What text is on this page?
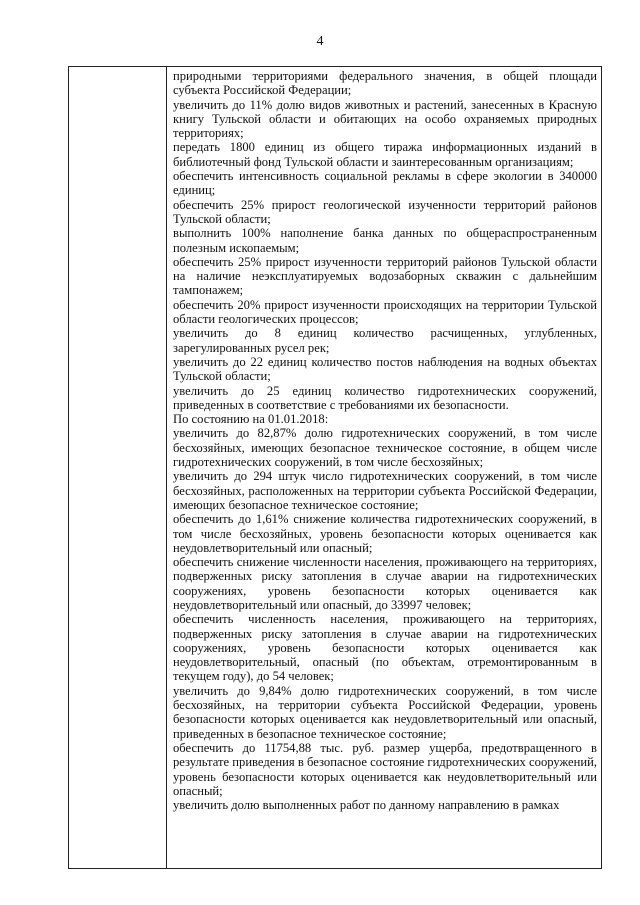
4

природными территориями федерального значения, в общей площади субъекта Российской Федерации;

увеличить до 11% долю видов животных и растений, занесенных в Красную книгу Тульской области и обитающих на особо охраняемых природных территориях;

передать 1800 единиц из общего тиража информационных изданий в библиотечный фонд Тульской области и заинтересованным организациям;

обеспечить интенсивность социальной рекламы в сфере экологии в 340000 единиц;

обеспечить 25% прирост геологической изученности территорий районов Тульской области;

выполнить 100% наполнение банка данных по общераспространенным полезным ископаемым;

обеспечить 25% прирост изученности территорий районов Тульской области на наличие неэксплуатируемых водозаборных скважин с дальнейшим тампонажем;

обеспечить 20% прирост изученности происходящих на территории Тульской области геологических процессов;

увеличить до 8 единиц количество расчищенных, углубленных, зарегулированных русел рек;

увеличить до 22 единиц количество постов наблюдения на водных объектах Тульской области;

увеличить до 25 единиц количество гидротехнических сооружений, приведенных в соответствие с требованиями их безопасности.

По состоянию на 01.01.2018:

увеличить до 82,87% долю гидротехнических сооружений, в том числе бесхозяйных, имеющих безопасное техническое состояние, в общем числе гидротехнических сооружений, в том числе бесхозяйных;

увеличить до 294 штук число гидротехнических сооружений, в том числе бесхозяйных, расположенных на территории субъекта Российской Федерации, имеющих безопасное техническое состояние;

обеспечить до 1,61% снижение количества гидротехнических сооружений, в том числе бесхозяйных, уровень безопасности которых оценивается как неудовлетворительный или опасный;

обеспечить снижение численности населения, проживающего на территориях, подверженных риску затопления в случае аварии на гидротехнических сооружениях, уровень безопасности которых оценивается как неудовлетворительный или опасный, до 33997 человек;

обеспечить численность населения, проживающего на территориях, подверженных риску затопления в случае аварии на гидротехнических сооружениях, уровень безопасности которых оценивается как неудовлетворительный, опасный (по объектам, отремонтированным в текущем году), до 54 человек;

увеличить до 9,84% долю гидротехнических сооружений, в том числе бесхозяйных, на территории субъекта Российской Федерации, уровень безопасности которых оценивается как неудовлетворительный или опасный, приведенных в безопасное техническое состояние;

обеспечить до 11754,88 тыс. руб. размер ущерба, предотвращенного в результате приведения в безопасное состояние гидротехнических сооружений, уровень безопасности которых оценивается как неудовлетворительный или опасный;

увеличить долю выполненных работ по данному направлению в рамках
